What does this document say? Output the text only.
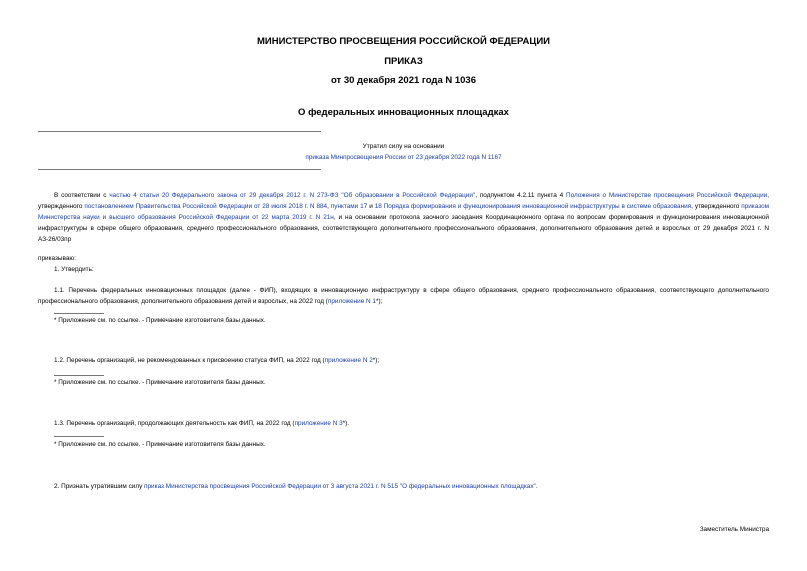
МИНИСТЕРСТВО ПРОСВЕЩЕНИЯ РОССИЙСКОЙ ФЕДЕРАЦИИ
ПРИКАЗ
от 30 декабря 2021 года N 1036
О федеральных инновационных площадках
Утратил силу на основании
приказа Минпросвещения России от 23 декабря 2022 года N 1167
В соответствии с частью 4 статьи 20 Федерального закона от 29 декабря 2012 г. N 273-ФЗ "Об образовании в Российской Федерации", подпунктом 4.2.11 пункта 4 Положения о Министерстве просвещения Российской Федерации, утвержденного постановлением Правительства Российской Федерации от 28 июля 2018 г. N 884, пунктами 17 и 18 Порядка формирования и функционирования инновационной инфраструктуры в системе образования, утвержденного приказом Министерства науки и высшего образования Российской Федерации от 22 марта 2019 г. N 21н, и на основании протокола заочного заседания Координационного органа по вопросам формирования и функционирования инновационной инфраструктуры в сфере общего образования, среднего профессионального образования, соответствующего дополнительного профессионального образования, дополнительного образования детей и взрослых от 29 декабря 2021 г. N АЗ-26/03пр
приказываю:
1. Утвердить:
1.1. Перечень федеральных инновационных площадок (далее - ФИП), входящих в инновационную инфраструктуру в сфере общего образования, среднего профессионального образования, соответствующего дополнительного профессионального образования, дополнительного образования детей и взрослых, на 2022 год (приложение N 1*);
* Приложение см. по ссылке. - Примечание изготовителя базы данных.
1.2. Перечень организаций, не рекомендованных к присвоению статуса ФИП, на 2022 год (приложение N 2*);
* Приложение см. по ссылке. - Примечание изготовителя базы данных.
1.3. Перечень организаций, продолжающих деятельность как ФИП, на 2022 год (приложение N 3*).
* Приложение см. по ссылке. - Примечание изготовителя базы данных.
2. Признать утратившим силу приказ Министерства просвещения Российской Федерации от 3 августа 2021 г. N 515 "О федеральных инновационных площадках".
Заместитель Министра
